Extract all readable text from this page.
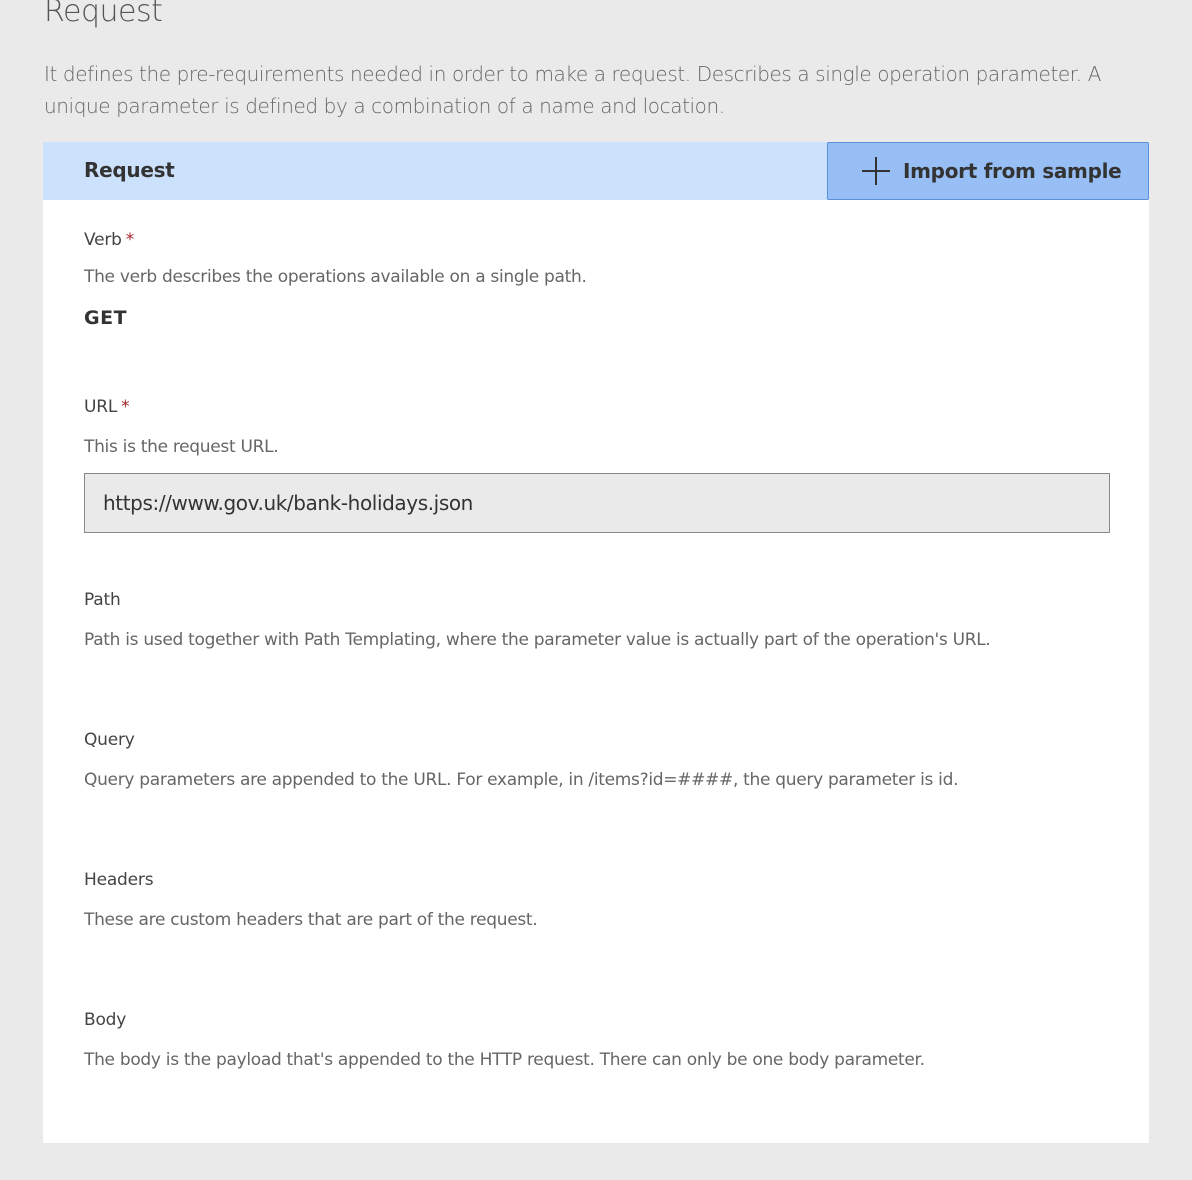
Request

It defines the pre-requirements needed in order to make a request. Describes a single operation parameter. A unique parameter is defined by a combination of a name and location.

Request	Import from sample
Verb *
The verb describes the operations available on a single path.
GET
URL *
This is the request URL.
https://www.gov.uk/bank-holidays.json
Path
Path is used together with Path Templating, where the parameter value is actually part of the operation's URL.
Query
Query parameters are appended to the URL. For example, in /items?id=####, the query parameter is id.
Headers
These are custom headers that are part of the request.
Body
The body is the payload that's appended to the HTTP request. There can only be one body parameter.
